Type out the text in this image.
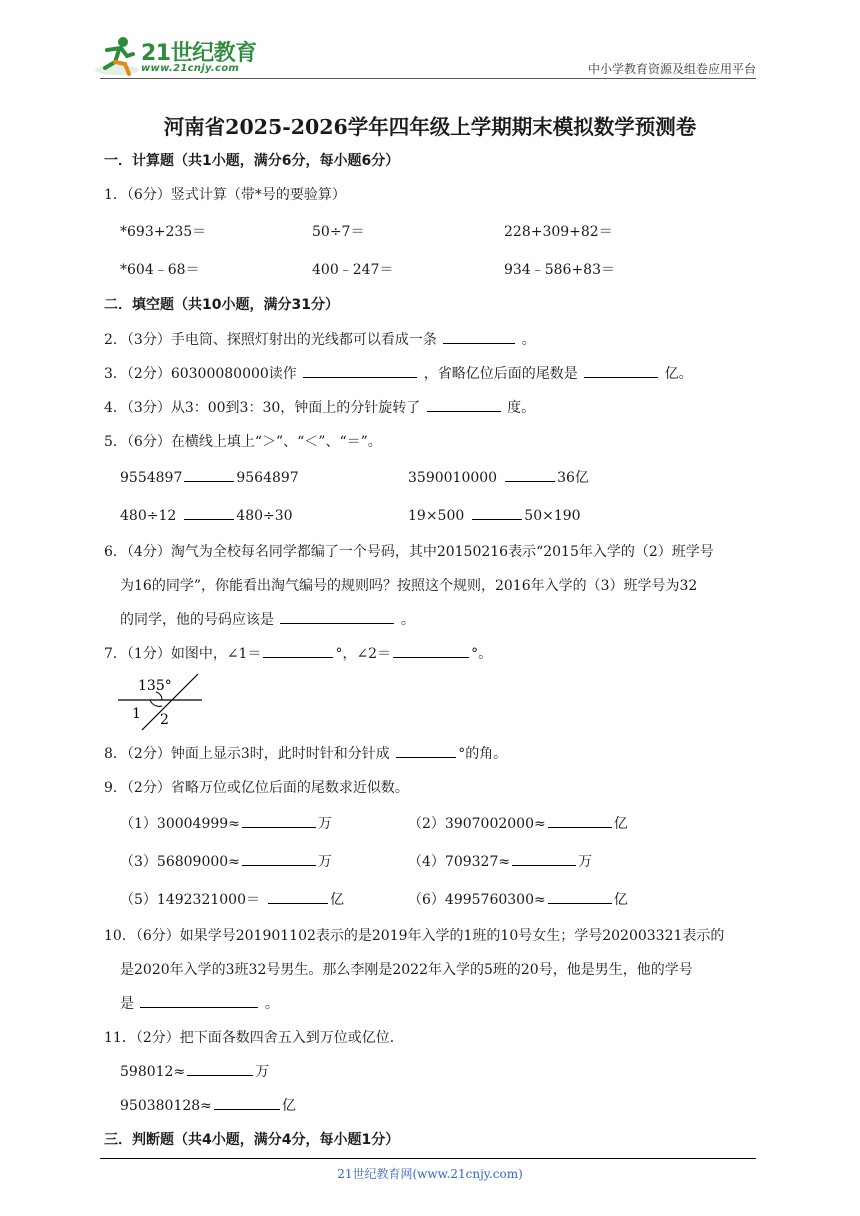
21世纪教育
www.21cnjy.com	中小学教育资源及组卷应用平台
河南省2025-2026学年四年级上学期期末模拟数学预测卷
一．计算题（共1小题，满分6分，每小题6分）
1．（6分）竖式计算（带*号的要验算）
*693+235＝	50÷7＝	228+309+82＝
*604﹣68＝	400﹣247＝	934﹣586+83＝
二．填空题（共10小题，满分31分）
2．（3分）手电筒、探照灯射出的光线都可以看成一条	。
3．（2分）60300080000读作	，省略亿位后面的尾数是	亿。
4．（3分）从3：00到3：30，钟面上的分针旋转了	度。
5．（6分）在横线上填上“＞”、“＜”、“＝”。
9554897	9564897	3590010000	36亿
480÷12	480÷30	19×500	50×190
6．（4分）淘气为全校每名同学都编了一个号码，其中20150216表示“2015年入学的（2）班学号
为16的同学”，你能看出淘气编号的规则吗？按照这个规则，2016年入学的（3）班学号为32
的同学，他的号码应该是	。
7．（1分）如图中，∠1＝	°，∠2＝	°。
135°
1 2
8．（2分）钟面上显示3时，此时时针和分针成	°的角。
9．（2分）省略万位或亿位后面的尾数求近似数。
（1）30004999≈	万	（2）3907002000≈	亿
（3）56809000≈	万	（4）709327≈	万
（5）1492321000＝	亿	（6）4995760300≈	亿
10．（6分）如果学号201901102表示的是2019年入学的1班的10号女生；学号202003321表示的
是2020年入学的3班32号男生。那么李刚是2022年入学的5班的20号，他是男生，他的学号
是	。
11．（2分）把下面各数四舍五入到万位或亿位．
598012≈	万
950380128≈	亿
三．判断题（共4小题，满分4分，每小题1分）
21世纪教育网(www.21cnjy.com)
